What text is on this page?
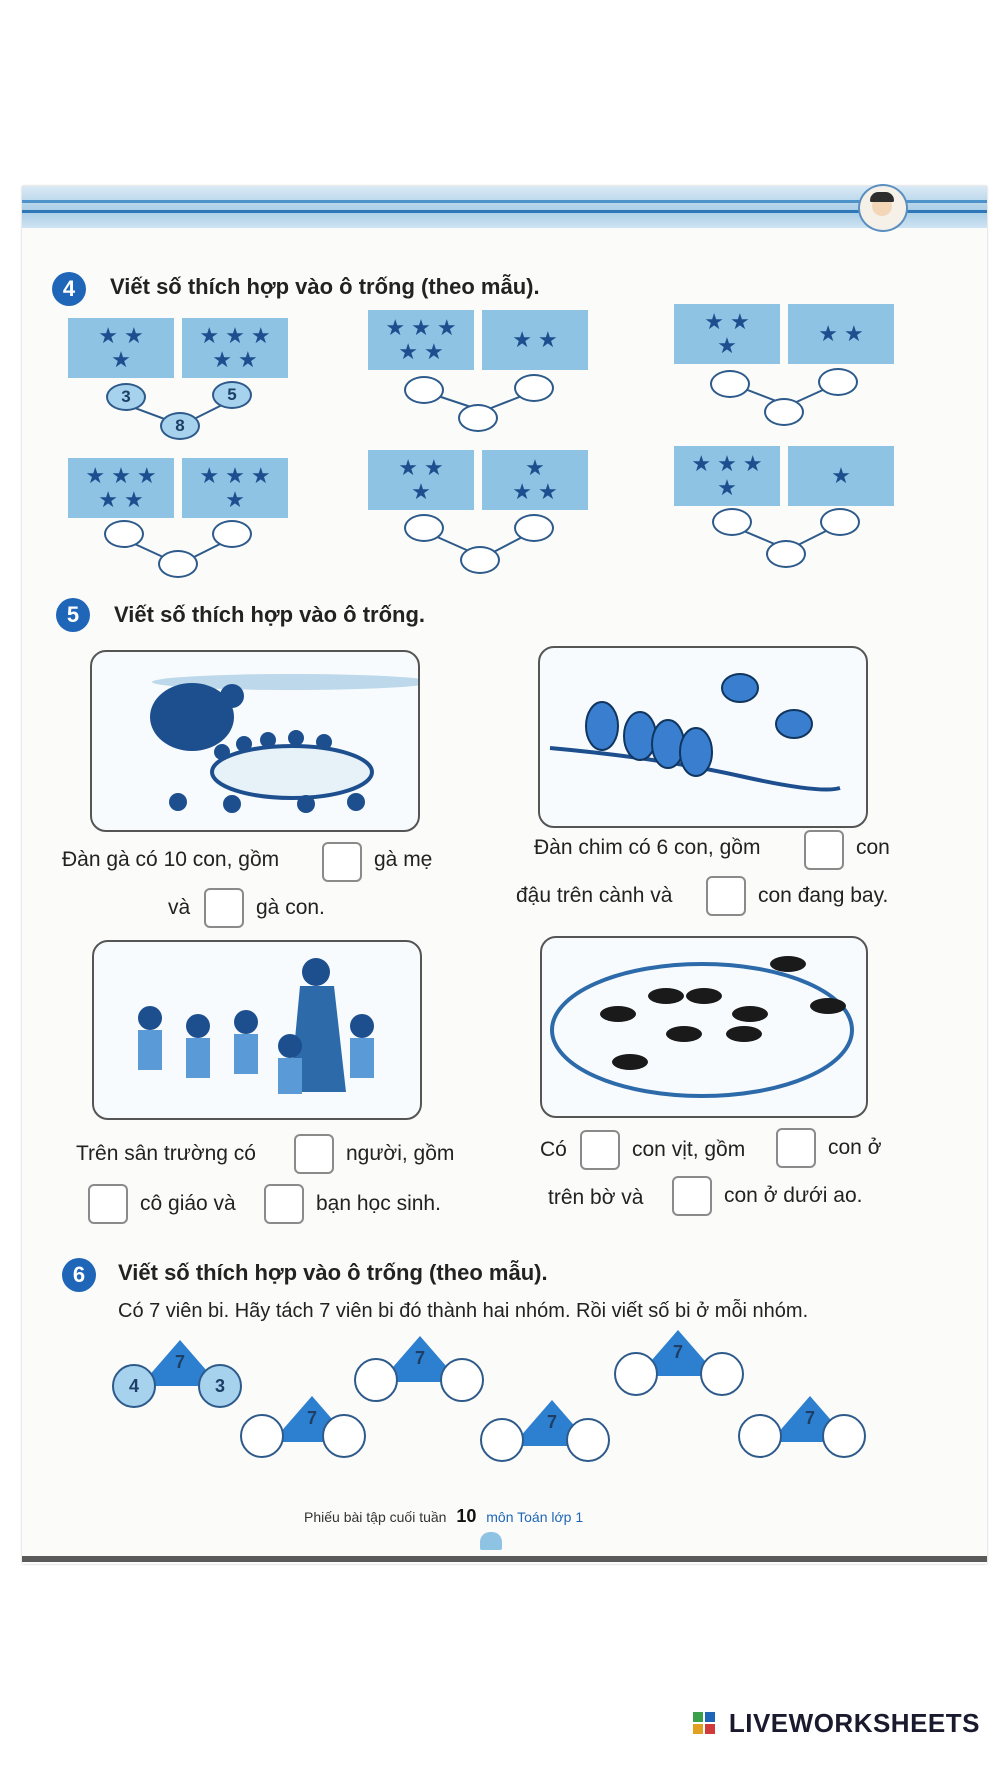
4	Viết số thích hợp vào ô trống (theo mẫu).
★ ★

★
★ ★ ★
★ ★
3	5
8
★ ★ ★
★ ★	★ ★
★ ★

★	★ ★
★ ★ ★
★ ★
★ ★ ★
★
★ ★

★
★
★ ★
★ ★ ★
★	★
5	Viết số thích hợp vào ô trống.
Đàn gà có 10 con, gồm	gà mẹ
và	gà con.
Đàn chim có 6 con, gồm	con
đậu trên cành và	con đang bay.
Trên sân trường có	người, gồm
cô giáo và	bạn học sinh.
Có	con vịt, gồm	con ở
trên bờ và	con ở dưới ao.
6	Viết số thích hợp vào ô trống (theo mẫu).
Có 7 viên bi. Hãy tách 7 viên bi đó thành hai nhóm. Rồi viết số bi ở mỗi nhóm.
7
4	3
7	7
7	7	7
Phiếu bài tập cuối tuần 10 môn Toán lớp 1
LIVEWORKSHEETS
